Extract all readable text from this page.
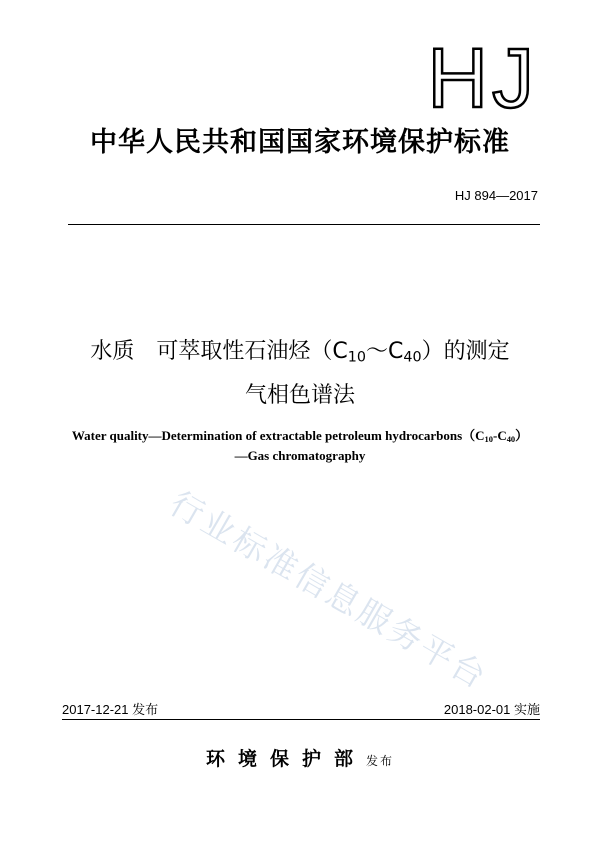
HJ
中华人民共和国国家环境保护标准
HJ 894—2017
水质 可萃取性石油烃$(C_{10}\sim C_{40})$的测定
气相色谱法
Water quality—Determination of extractable petroleum $hydrocarbons(C_{10}-C_{40})$
—Gas chromatography
行业标准信息服务平台
2017-12-21 发布	2018-02-01 实施
环境保护部发布
